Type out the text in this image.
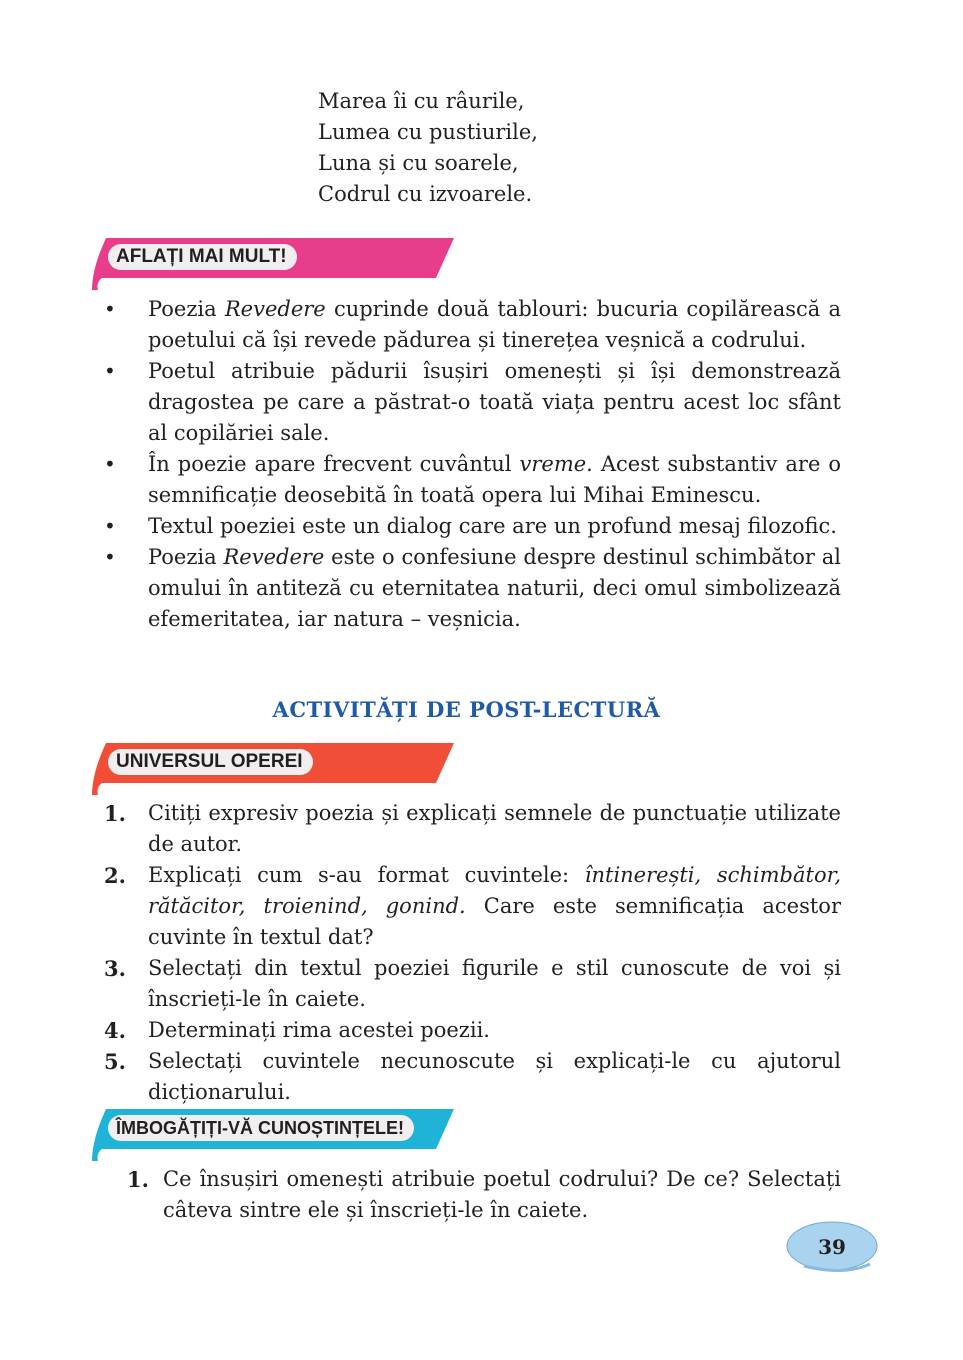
Marea îi cu râurile,
Lumea cu pustiurile,
Luna și cu soarele,
Codrul cu izvoarele.
AFLAȚI MAI MULT!
•	Poezia Revedere cuprinde două tablouri: bucuria copilărească a poetului că își revede pădurea și tinerețea veșnică a codrului.
•	Poetul atribuie pădurii îsușiri omenești și își demonstrează dragostea pe care a păstrat-o toată viața pentru acest loc sfânt al copilăriei sale.
•	În poezie apare frecvent cuvântul vreme. Acest substantiv are o semnificație deosebită în toată opera lui Mihai Eminescu.
•	Textul poeziei este un dialog care are un profund mesaj filozofic.
•	Poezia Revedere este o confesiune despre destinul schimbător al omului în antiteză cu eternitatea naturii, deci omul simbolizează efemeritatea, iar natura – veșnicia.
ACTIVITĂȚI DE POST-LECTURĂ
UNIVERSUL OPEREI
1. Citiți expresiv poezia și explicați semnele de punctuație utilizate de autor.
2. Explicați cum s-au format cuvintele: întinerești, schimbător, rătăcitor, troienind, gonind. Care este semnificația acestor cuvinte în textul dat?
3. Selectați din textul poeziei figurile e stil cunoscute de voi și înscrieți-le în caiete.
4. Determinați rima acestei poezii.
5. Selectați cuvintele necunoscute și explicați-le cu ajutorul dicționarului.
ÎMBOGĂȚIȚI-VĂ CUNOȘTINȚELE!
1. Ce însușiri omenești atribuie poetul codrului? De ce? Selectați câteva sintre ele și înscrieți-le în caiete.
39
